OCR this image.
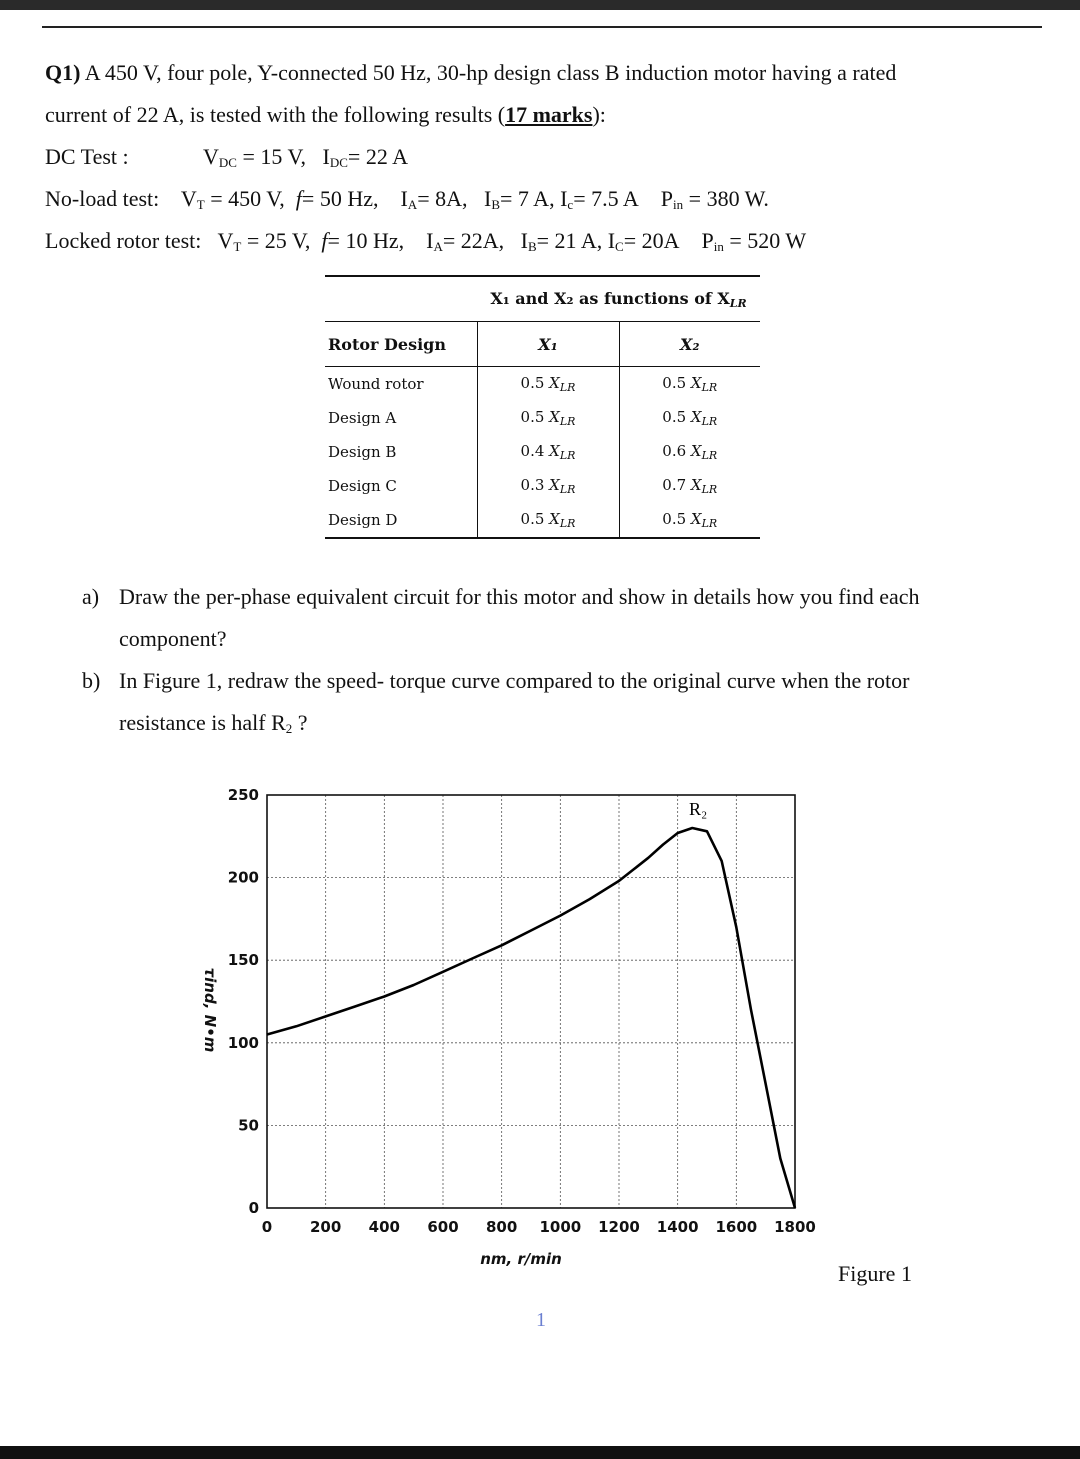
Q1) A 450 V, four pole, Y-connected 50 Hz, 30-hp design class B induction motor having a rated
current of 22 A, is tested with the following results (17 marks):
DC Test :	$V_{DC} = 15$ V, $I_{DC}= 22$ A
No-load test: $V_T = 450$ V, f= 50 Hz, $I_A= 8A$, $I_B= 7$ A, $I_c= 7.5$ A $P_{in} = 380$ W.
Locked rotor test: $V_T = 25$ V, f= 10 Hz, $I_A= 22A$, $I_B= 21$ A, $I_C= 20A$ $P_{in} = 520$ W
	X₁ and X₂ as functions of XLR	
Rotor Design	X₁	X₂
Wound rotor	0.5 $X_{LR}$	0.5 $X_{LR}$
Design A	0.5 $X_{LR}$	0.5 $X_{LR}$
Design B	0.4 $X_{LR}$	0.6 $X_{LR}$
Design C	0.3 $X_{LR}$	0.7 $X_{LR}$
Design D	0.5 $X_{LR}$	0.5 $X_{LR}$
a) Draw the per-phase equivalent circuit for this motor and show in details how you find each
component?
b) In Figure 1, redraw the speed- torque curve compared to the original curve when the rotor
resistance is half $R_2$ ?
0	200 400 600 800 1000 1200 1400 1600 1800
0
50
100
150
200
250
nm, r/min
τind, N•m
R₂
Figure 1
1
